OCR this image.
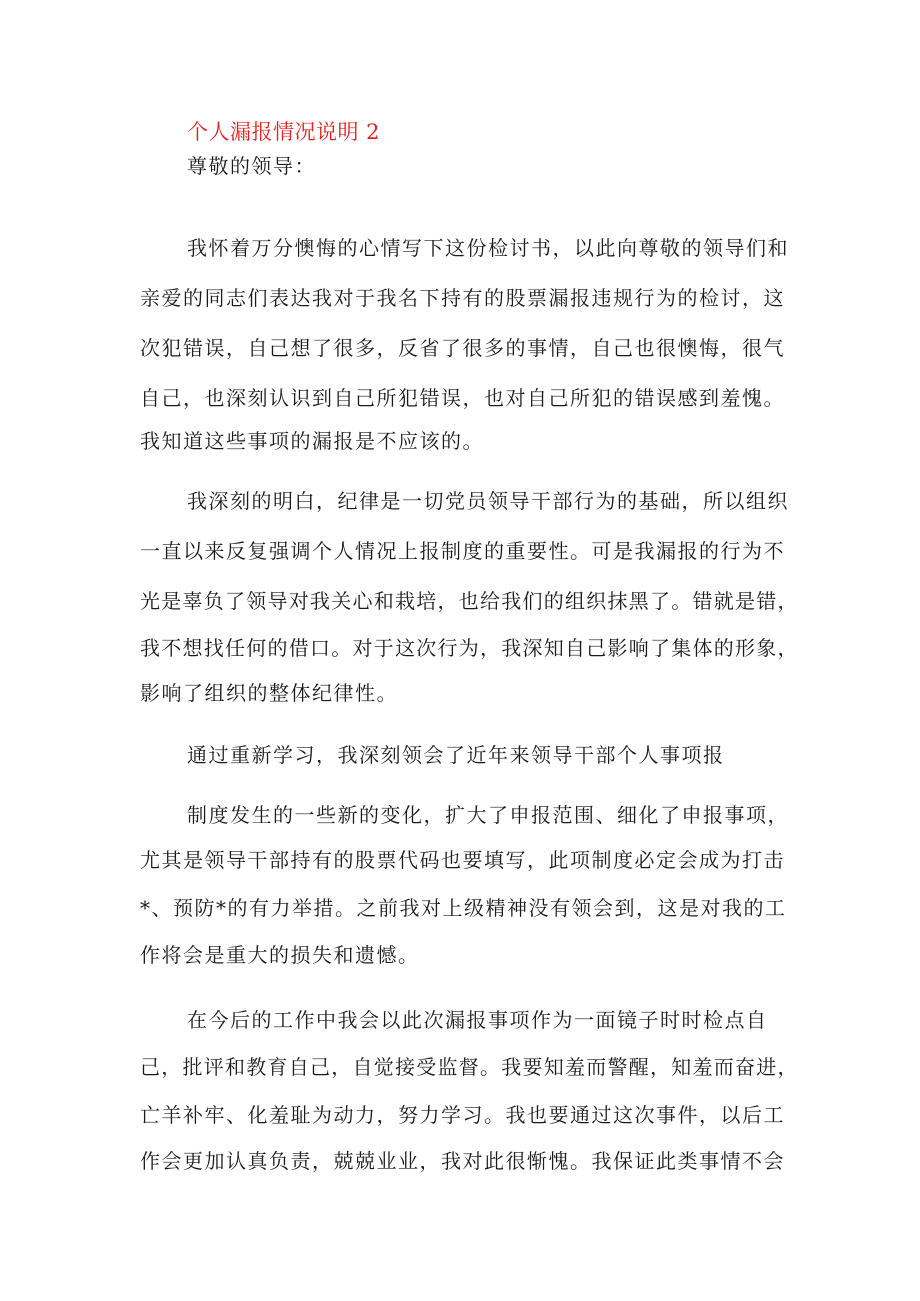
个人漏报情况说明 2
尊敬的领导：
我怀着万分懊悔的心情写下这份检讨书，以此向尊敬的领导们和
亲爱的同志们表达我对于我名下持有的股票漏报违规行为的检讨，这
次犯错误，自己想了很多，反省了很多的事情，自己也很懊悔，很气
自己，也深刻认识到自己所犯错误，也对自己所犯的错误感到羞愧。
我知道这些事项的漏报是不应该的。
我深刻的明白，纪律是一切党员领导干部行为的基础，所以组织
一直以来反复强调个人情况上报制度的重要性。可是我漏报的行为不
光是辜负了领导对我关心和栽培，也给我们的组织抹黑了。错就是错，
我不想找任何的借口。对于这次行为，我深知自己影响了集体的形象，
影响了组织的整体纪律性。
通过重新学习，我深刻领会了近年来领导干部个人事项报
制度发生的一些新的变化，扩大了申报范围、细化了申报事项，
尤其是领导干部持有的股票代码也要填写，此项制度必定会成为打击
*、预防*的有力举措。之前我对上级精神没有领会到，这是对我的工
作将会是重大的损失和遗憾。
在今后的工作中我会以此次漏报事项作为一面镜子时时检点自
己，批评和教育自己，自觉接受监督。我要知羞而警醒，知羞而奋进，
亡羊补牢、化羞耻为动力，努力学习。我也要通过这次事件，以后工
作会更加认真负责，兢兢业业，我对此很惭愧。我保证此类事情不会
